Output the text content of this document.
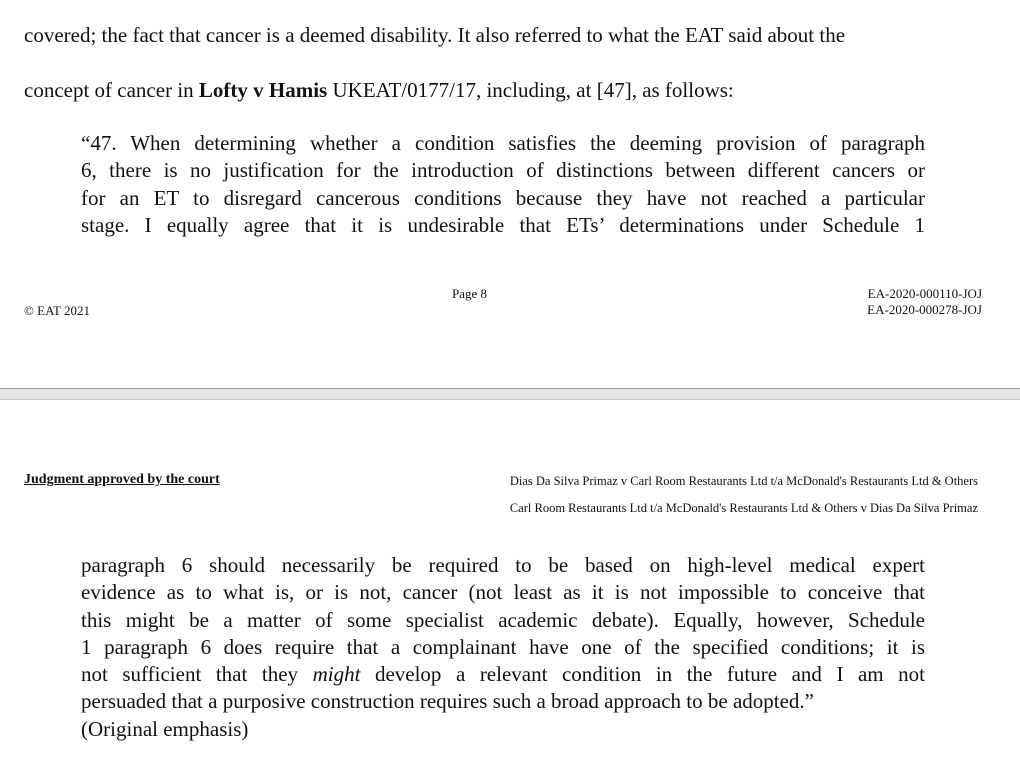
covered; the fact that cancer is a deemed disability. It also referred to what the EAT said about the
concept of cancer in Lofty v Hamis UKEAT/0177/17, including, at [47], as follows:
“47. When determining whether a condition satisfies the deeming provision of paragraph
6, there is no justification for the introduction of distinctions between different cancers or
for an ET to disregard cancerous conditions because they have not reached a particular
stage. I equally agree that it is undesirable that ETs’ determinations under Schedule 1
© EAT 2021
Page 8	EA-2020-000110-JOJ
EA-2020-000278-JOJ
Judgment approved by the court	Dias Da Silva Primaz v Carl Room Restaurants Ltd t/a McDonald's Restaurants Ltd & Others
Carl Room Restaurants Ltd t/a McDonald's Restaurants Ltd & Others v Dias Da Silva Primaz
paragraph 6 should necessarily be required to be based on high-level medical expert
evidence as to what is, or is not, cancer (not least as it is not impossible to conceive that
this might be a matter of some specialist academic debate). Equally, however, Schedule
1 paragraph 6 does require that a complainant have one of the specified conditions; it is
not sufficient that they might develop a relevant condition in the future and I am not
persuaded that a purposive construction requires such a broad approach to be adopted.”
(Original emphasis)
